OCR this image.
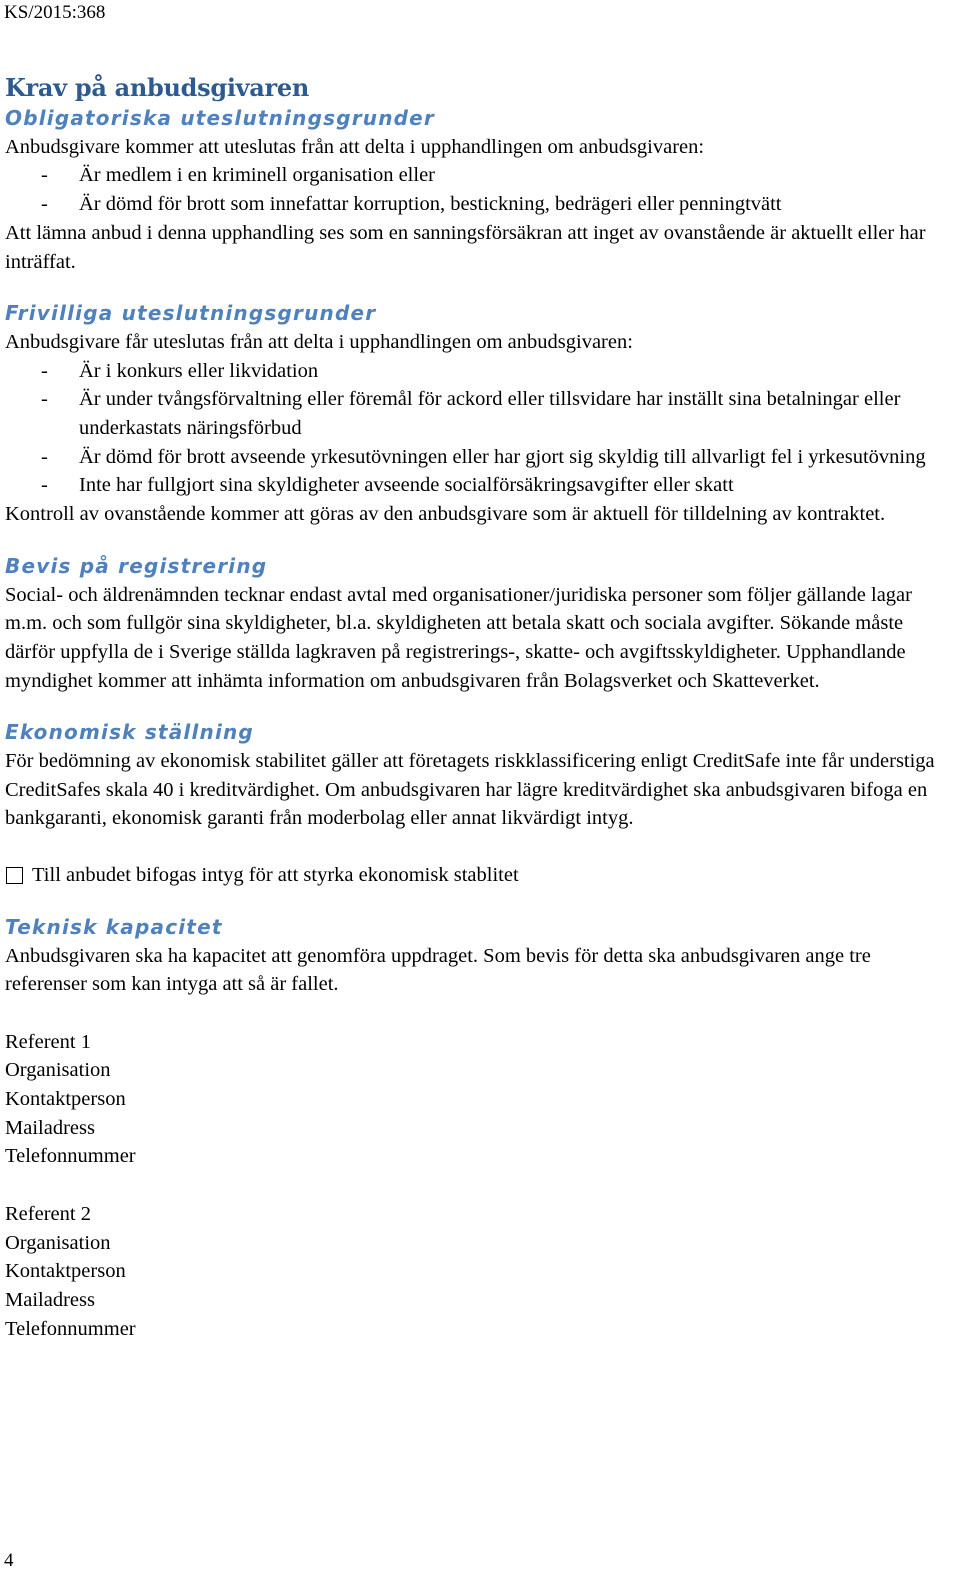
KS/2015:368
Krav på anbudsgivaren
Obligatoriska uteslutningsgrunder

Anbudsgivare kommer att uteslutas från att delta i upphandlingen om anbudsgivaren:

- Är medlem i en kriminell organisation eller
- Är dömd för brott som innefattar korruption, bestickning, bedrägeri eller penningtvätt

Att lämna anbud i denna upphandling ses som en sanningsförsäkran att inget av ovanstående är aktuellt eller har inträffat.

Frivilliga uteslutningsgrunder

Anbudsgivare får uteslutas från att delta i upphandlingen om anbudsgivaren:

- Är i konkurs eller likvidation
- Är under tvångsförvaltning eller föremål för ackord eller tillsvidare har inställt sina betalningar eller underkastats näringsförbud
- Är dömd för brott avseende yrkesutövningen eller har gjort sig skyldig till allvarligt fel i yrkesutövning
- Inte har fullgjort sina skyldigheter avseende socialförsäkringsavgifter eller skatt

Kontroll av ovanstående kommer att göras av den anbudsgivare som är aktuell för tilldelning av kontraktet.

Bevis på registrering

Social- och äldrenämnden tecknar endast avtal med organisationer/juridiska personer som följer gällande lagar m.m. och som fullgör sina skyldigheter, bl.a. skyldigheten att betala skatt och sociala avgifter. Sökande måste därför uppfylla de i Sverige ställda lagkraven på registrerings-, skatte- och avgiftsskyldigheter. Upphandlande myndighet kommer att inhämta information om anbudsgivaren från Bolagsverket och Skatteverket.

Ekonomisk ställning

För bedömning av ekonomisk stabilitet gäller att företagets riskklassificering enligt CreditSafe inte får understiga CreditSafes skala 40 i kreditvärdighet. Om anbudsgivaren har lägre kreditvärdighet ska anbudsgivaren bifoga en bankgaranti, ekonomisk garanti från moderbolag eller annat likvärdigt intyg.

Till anbudet bifogas intyg för att styrka ekonomisk stablitet
Teknisk kapacitet

Anbudsgivaren ska ha kapacitet att genomföra uppdraget. Som bevis för detta ska anbudsgivaren ange tre referenser som kan intyga att så är fallet.

Referent 1

Organisation

Kontaktperson

Mailadress

Telefonnummer

Referent 2

Organisation

Kontaktperson

Mailadress

Telefonnummer

4
